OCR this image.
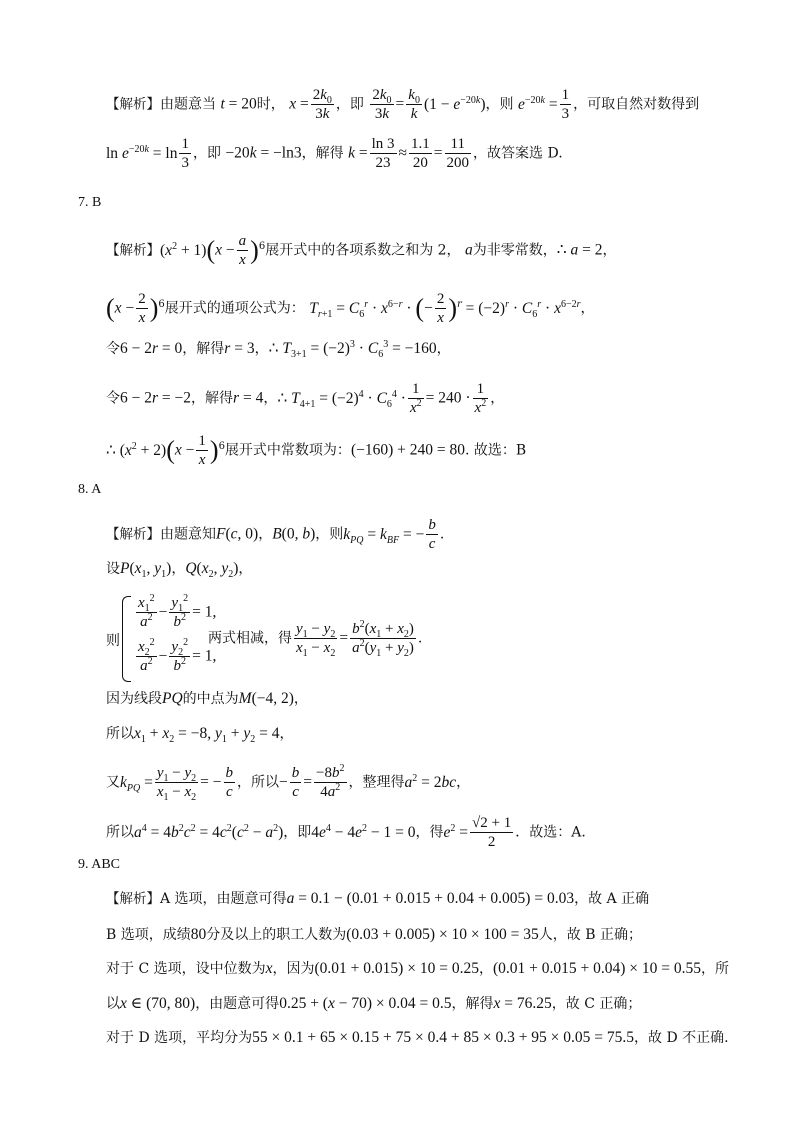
【解析】由题意当 t = 20时， $x = \frac{2k_0}{3k}$ ，即 $\frac{2k_0}{3k} = \frac{k_0}{k} (1 - e^{-20k})$，则 $e^{-20k} = \frac{1}{3}$ ，可取自然对数得到
$\ln e^{-20k} = \ln \frac{1}{3}$ ，即 −20k = −ln3，解得 $k = \frac{\ln 3}{23} \approx \frac{1.1}{20} = \frac{11}{200}$ ，故答案选 D.
7. B
【解析】$(x^2 + 1)(x - \frac{a}{x} )^6$展开式中的各项系数之和为 2， a为非零常数，∴ a = 2，
$(x - \frac{2}{x} )^6$展开式的通项公式为： $T_{r+1} = C_6^r \cdot x^{6-r}$ · (− $\frac{2}{x} )^r = (-2)^r \cdot C_6^r \cdot x^{6-2r}$，
令6 − 2r = 0，解得r = 3，∴ $T_{3+1} = (-2)^3 \cdot C_6^3 = -160$，
令6 − 2r = −2，解得r = 4，∴ $T_{4+1} = (-2)^4 \cdot C_6^4 \cdot \frac{1}{x^2} = 240 \cdot \frac{1}{x^2}$ ，
∴ $(x^2 + 2)(x - \frac{1}{x} )^6$展开式中常数项为：(−160) + 240 = 80. 故选：B
8. A
【解析】由题意知F(c, 0)，B(0, b)，则$k_{PQ} = k_{BF}$ = − $\frac{b}{c}$ .
设$P(x_1$, $y_1$)，$Q(x_2$, $y_2$)，
则
$\frac{x_1^2}{a^2} - \frac{y_1^2}{b^2} = 1$,
$\frac{x_2^2}{a^2} - \frac{y_2^2}{b^2} = 1$,
两式相减，得 $\frac{y_1 - y_2}{x_1 - x_2} = \frac{b^2(x_1 + x_2)}{a^2(y_1 + y_2)}$ .
因为线段PQ的中点为M(−4, 2)，
所以$x_1 + x_2 = -8$, $y_1 + y_2 = 4$，
又$k_{PQ} = \frac{y_1 - y_2}{x_1 - x_2}$ = − $\frac{b}{c}$ ，所以− $\frac{b}{c} = \frac{-8b^2}{4a^2}$ ，整理得$a^2 = 2bc$，
所以$a^4 = 4b^2c^2 = 4c^2(c^2 - a^2)$，即$4e^4 - 4e^2 - 1 = 0$，得$e^2 = \frac{√2 + 1}{2}$ ．故选：A.
9. ABC
【解析】A 选项，由题意可得a = 0.1 − (0.01 + 0.015 + 0.04 + 0.005) = 0.03，故 A 正确
B 选项，成绩80分及以上的职工人数为(0.03 + 0.005) × 10 × 100 = 35人，故 B 正确；
对于 C 选项，设中位数为x，因为(0.01 + 0.015) × 10 = 0.25，(0.01 + 0.015 + 0.04) × 10 = 0.55，所
以x ∈ (70, 80)，由题意可得0.25 + (x − 70) × 0.04 = 0.5，解得x = 76.25，故 C 正确；
对于 D 选项，平均分为55 × 0.1 + 65 × 0.15 + 75 × 0.4 + 85 × 0.3 + 95 × 0.05 = 75.5，故 D 不正确.
